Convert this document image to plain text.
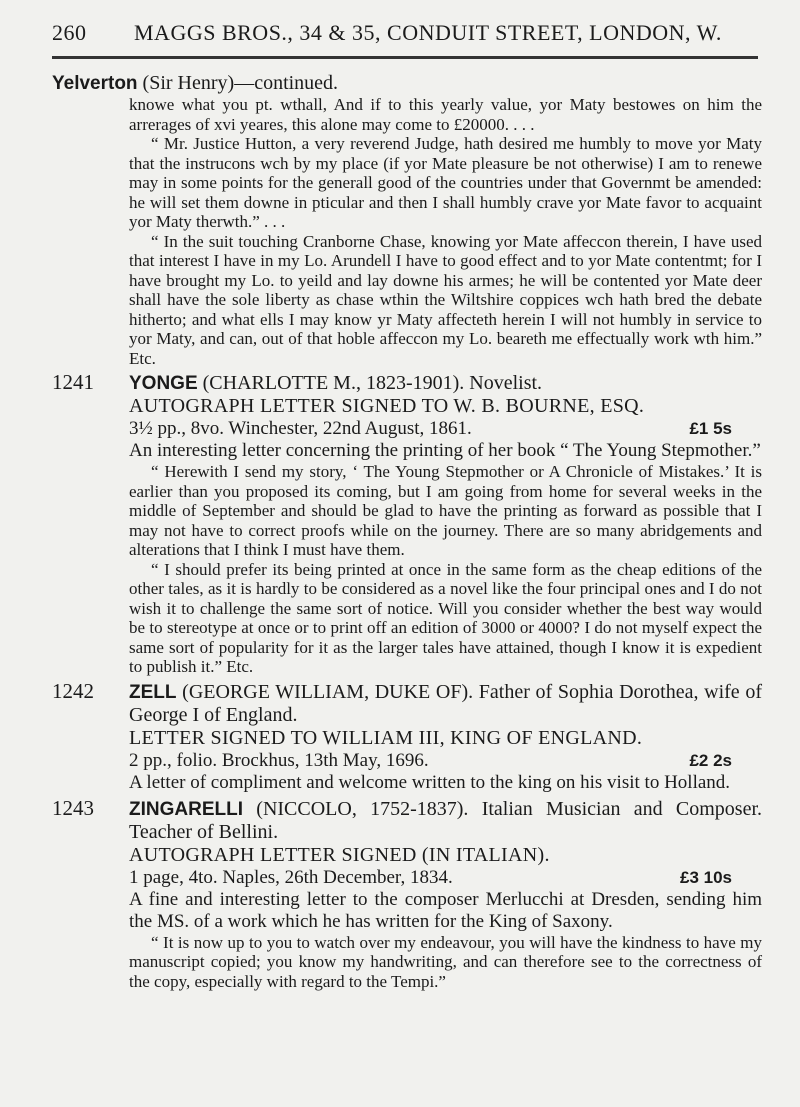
260 MAGGS BROS., 34 & 35, CONDUIT STREET, LONDON, W.

Yelverton (Sir Henry)—continued.

knowe what you pt. wthall, And if to this yearly value, yor Maty bestowes on him the arrerages of xvi yeares, this alone may come to £20000. . . .

“ Mr. Justice Hutton, a very reverend Judge, hath desired me humbly to move yor Maty that the instrucons wch by my place (if yor Mate pleasure be not otherwise) I am to renewe may in some points for the generall good of the countries under that Governmt be amended: he will set them downe in pticular and then I shall humbly crave yor Mate favor to acquaint yor Maty therwth.” . . .

“ In the suit touching Cranborne Chase, knowing yor Mate affeccon therein, I have used that interest I have in my Lo. Arundell I have to good effect and to yor Mate contentmt; for I have brought my Lo. to yeild and lay downe his armes; he will be contented yor Mate deer shall have the sole liberty as chase wthin the Wiltshire coppices wch hath bred the debate hitherto; and what ells I may know yr Maty affecteth herein I will not humbly in service to yor Maty, and can, out of that hoble affeccon my Lo. beareth me effectually work wth him.” Etc.

1241 YONGE (CHARLOTTE M., 1823-1901). Novelist.

AUTOGRAPH LETTER SIGNED TO W. B. BOURNE, ESQ.

3½ pp., 8vo. Winchester, 22nd August, 1861.	£1 5s

An interesting letter concerning the printing of her book “ The Young Stepmother.”

“ Herewith I send my story, ‘ The Young Stepmother or A Chronicle of Mistakes.’ It is earlier than you proposed its coming, but I am going from home for several weeks in the middle of September and should be glad to have the printing as forward as possible that I may not have to correct proofs while on the journey. There are so many abridgements and alterations that I think I must have them.

“ I should prefer its being printed at once in the same form as the cheap editions of the other tales, as it is hardly to be considered as a novel like the four principal ones and I do not wish it to challenge the same sort of notice. Will you consider whether the best way would be to stereotype at once or to print off an edition of 3000 or 4000? I do not myself expect the same sort of popularity for it as the larger tales have attained, though I know it is expedient to publish it.” Etc.

1242 ZELL (GEORGE WILLIAM, DUKE OF). Father of Sophia Dorothea, wife of George I of England.

LETTER SIGNED TO WILLIAM III, KING OF ENGLAND.

2 pp., folio. Brockhus, 13th May, 1696.	£2 2s

A letter of compliment and welcome written to the king on his visit to Holland.

1243 ZINGARELLI (NICCOLO, 1752-1837). Italian Musician and Composer. Teacher of Bellini.

AUTOGRAPH LETTER SIGNED (IN ITALIAN).

1 page, 4to. Naples, 26th December, 1834.	£3 10s

A fine and interesting letter to the composer Merlucchi at Dresden, sending him the MS. of a work which he has written for the King of Saxony.

“ It is now up to you to watch over my endeavour, you will have the kindness to have my manuscript copied; you know my handwriting, and can therefore see to the correctness of the copy, especially with regard to the Tempi.”
